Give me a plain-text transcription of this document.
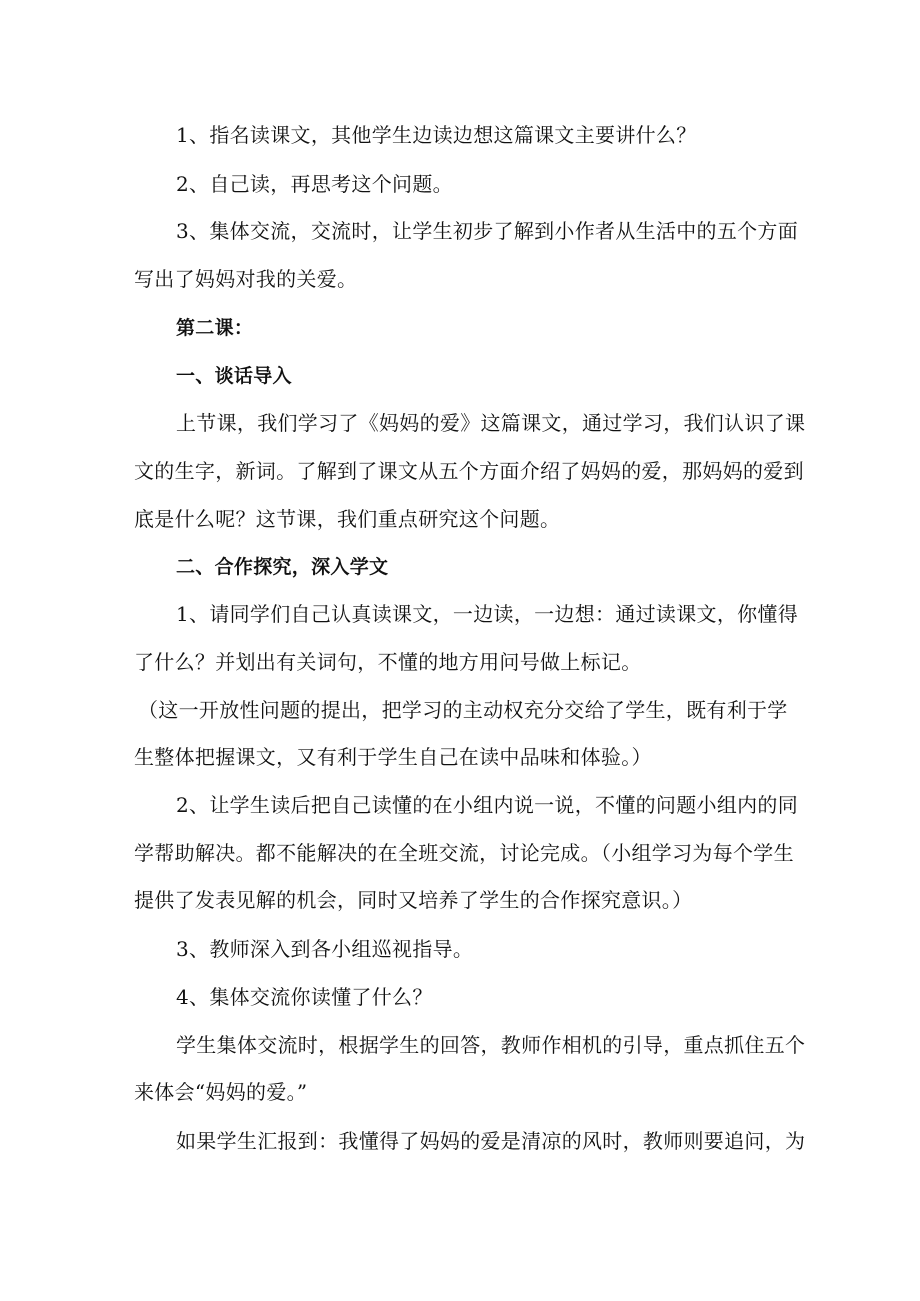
1、指名读课文，其他学生边读边想这篇课文主要讲什么？
2、自己读，再思考这个问题。
3、集体交流，交流时，让学生初步了解到小作者从生活中的五个方面
写出了妈妈对我的关爱。
第二课：
一、谈话导入
上节课，我们学习了《妈妈的爱》这篇课文，通过学习，我们认识了课
文的生字，新词。了解到了课文从五个方面介绍了妈妈的爱，那妈妈的爱到
底是什么呢？这节课，我们重点研究这个问题。
二、合作探究，深入学文
1、请同学们自己认真读课文，一边读，一边想：通过读课文，你懂得
了什么？并划出有关词句，不懂的地方用问号做上标记。
（这一开放性问题的提出，把学习的主动权充分交给了学生，既有利于学
生整体把握课文，又有利于学生自己在读中品味和体验。）
2、让学生读后把自己读懂的在小组内说一说，不懂的问题小组内的同
学帮助解决。都不能解决的在全班交流，讨论完成。（小组学习为每个学生
提供了发表见解的机会，同时又培养了学生的合作探究意识。）
3、教师深入到各小组巡视指导。
4、集体交流你读懂了什么？
学生集体交流时，根据学生的回答，教师作相机的引导，重点抓住五个
来体会“妈妈的爱。”
如果学生汇报到：我懂得了妈妈的爱是清凉的风时，教师则要追问，为
